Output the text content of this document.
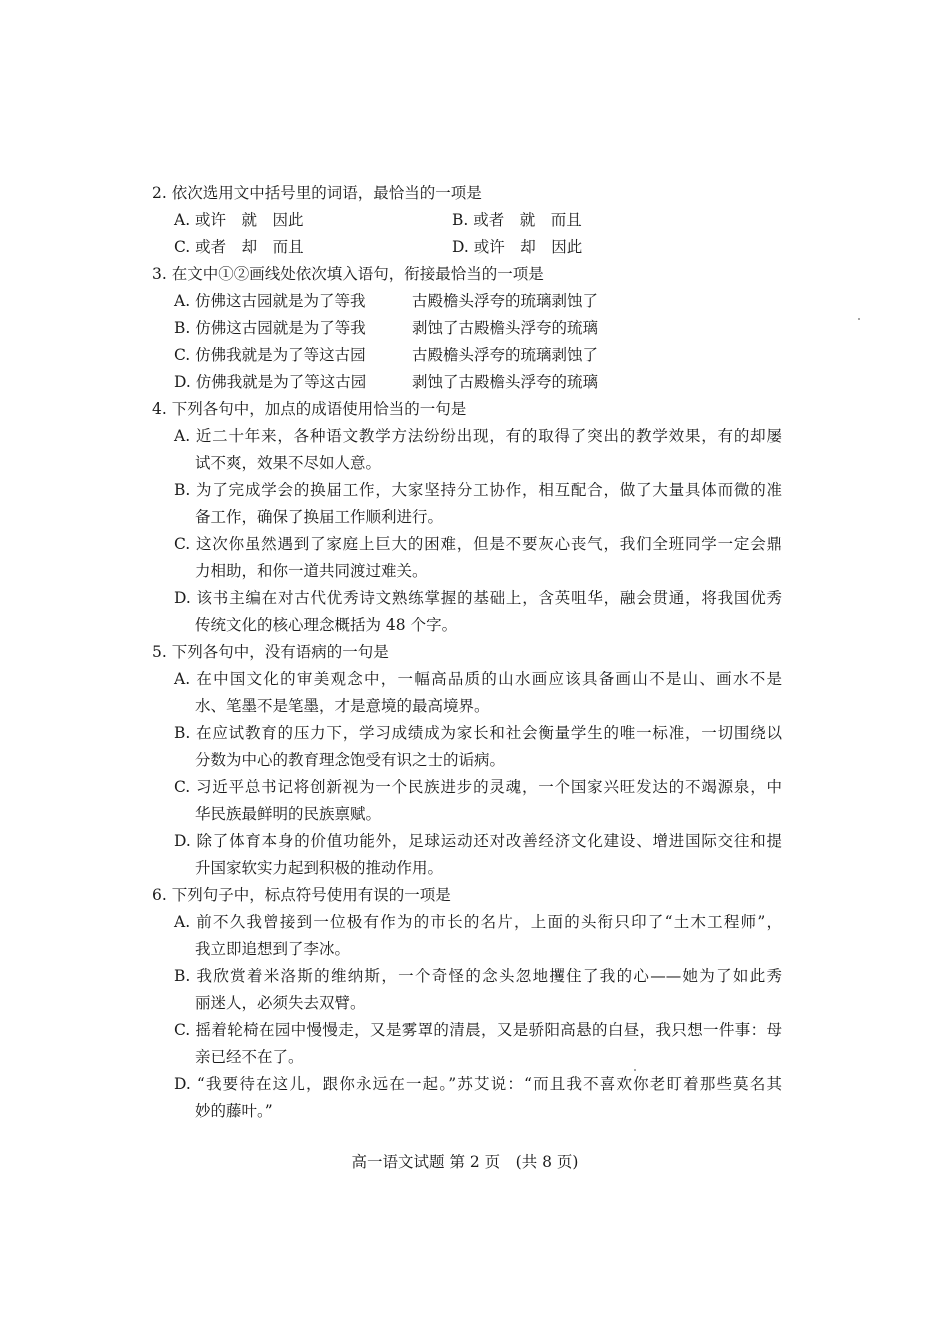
2. 依次选用文中括号里的词语，最恰当的一项是
A. 或许　就　因此	B. 或者　就　而且
C. 或者　却　而且	D. 或许　却　因此
3. 在文中①②画线处依次填入语句，衔接最恰当的一项是
A. 仿佛这古园就是为了等我	古殿檐头浮夸的琉璃剥蚀了
B. 仿佛这古园就是为了等我	剥蚀了古殿檐头浮夸的琉璃
C. 仿佛我就是为了等这古园	古殿檐头浮夸的琉璃剥蚀了
D. 仿佛我就是为了等这古园	剥蚀了古殿檐头浮夸的琉璃
4. 下列各句中，加点的成语使用恰当的一句是
A. 近二十年来，各种语文教学方法纷纷出现，有的取得了突出的教学效果，有的却屡
试不爽，效果不尽如人意。
B. 为了完成学会的换届工作，大家坚持分工协作，相互配合，做了大量具体而微的准
备工作，确保了换届工作顺利进行。
C. 这次你虽然遇到了家庭上巨大的困难，但是不要灰心丧气，我们全班同学一定会鼎
力相助，和你一道共同渡过难关。
D. 该书主编在对古代优秀诗文熟练掌握的基础上，含英咀华，融会贯通，将我国优秀
传统文化的核心理念概括为 48 个字。
5. 下列各句中，没有语病的一句是
A. 在中国文化的审美观念中，一幅高品质的山水画应该具备画山不是山、画水不是
水、笔墨不是笔墨，才是意境的最高境界。
B. 在应试教育的压力下，学习成绩成为家长和社会衡量学生的唯一标准，一切围绕以
分数为中心的教育理念饱受有识之士的诟病。
C. 习近平总书记将创新视为一个民族进步的灵魂，一个国家兴旺发达的不竭源泉，中
华民族最鲜明的民族禀赋。
D. 除了体育本身的价值功能外，足球运动还对改善经济文化建设、增进国际交往和提
升国家软实力起到积极的推动作用。
6. 下列句子中，标点符号使用有误的一项是
A. 前不久我曾接到一位极有作为的市长的名片，上面的头衔只印了“土木工程师”，
我立即追想到了李冰。
B. 我欣赏着米洛斯的维纳斯，一个奇怪的念头忽地攫住了我的心——她为了如此秀
丽迷人，必须失去双臂。
C. 摇着轮椅在园中慢慢走，又是雾罩的清晨，又是骄阳高悬的白昼，我只想一件事：母
亲已经不在了。
D. “我要待在这儿，跟你永远在一起。”苏艾说：“而且我不喜欢你老盯着那些莫名其
妙的藤叶。”
高一语文试题 第 2 页　(共 8 页)
